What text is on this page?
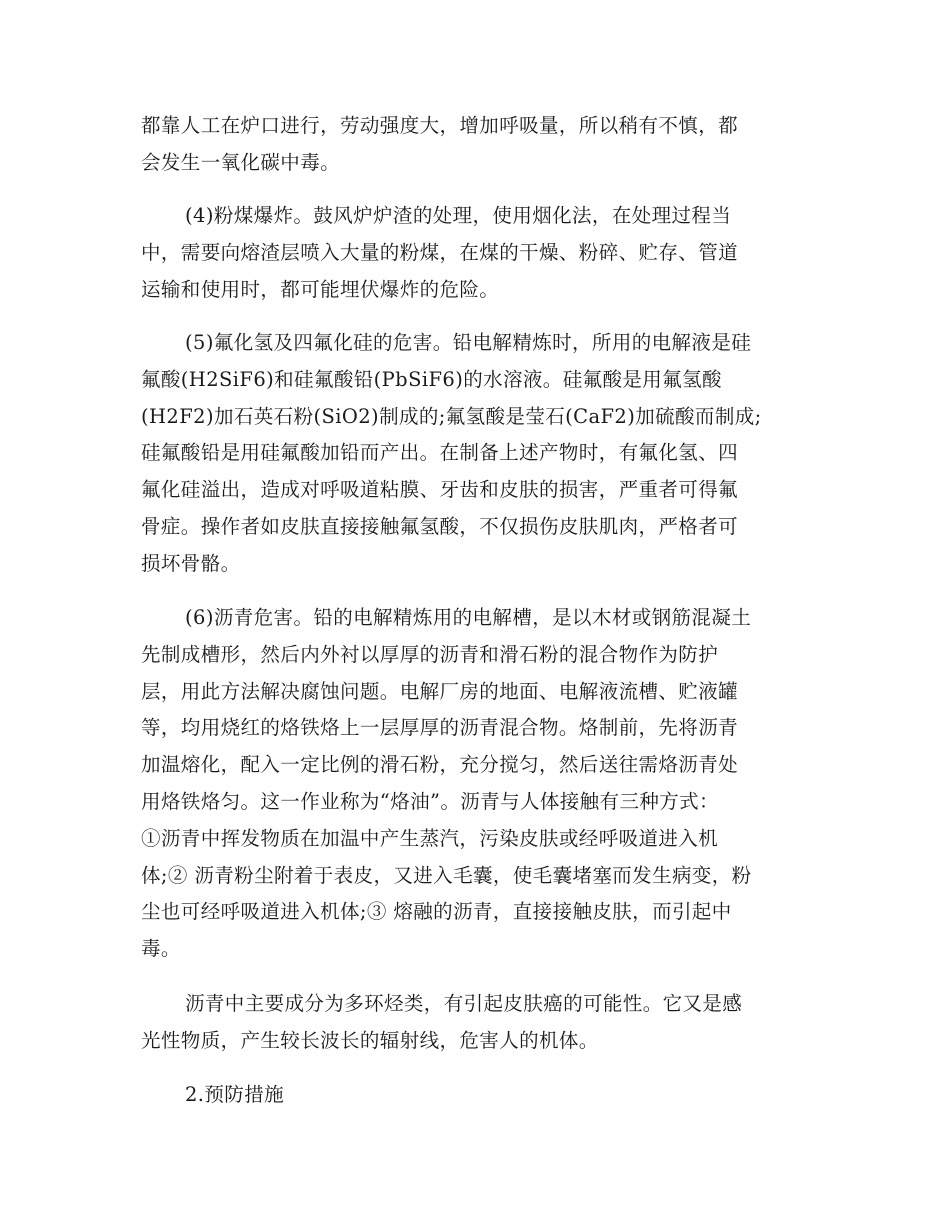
都靠人工在炉口进行，劳动强度大，增加呼吸量，所以稍有不慎，都
会发生一氧化碳中毒。
(4)粉煤爆炸。鼓风炉炉渣的处理，使用烟化法，在处理过程当
中，需要向熔渣层喷入大量的粉煤，在煤的干燥、粉碎、贮存、管道
运输和使用时，都可能埋伏爆炸的危险。
(5)氟化氢及四氟化硅的危害。铅电解精炼时，所用的电解液是硅
氟酸(H2SiF6)和硅氟酸铅(PbSiF6)的水溶液。硅氟酸是用氟氢酸
(H2F2)加石英石粉(SiO2)制成的;氟氢酸是莹石(CaF2)加硫酸而制成;
硅氟酸铅是用硅氟酸加铅而产出。在制备上述产物时，有氟化氢、四
氟化硅溢出，造成对呼吸道粘膜、牙齿和皮肤的损害，严重者可得氟
骨症。操作者如皮肤直接接触氟氢酸，不仅损伤皮肤肌肉，严格者可
损坏骨骼。
(6)沥青危害。铅的电解精炼用的电解槽，是以木材或钢筋混凝土
先制成槽形，然后内外衬以厚厚的沥青和滑石粉的混合物作为防护
层，用此方法解决腐蚀问题。电解厂房的地面、电解液流槽、贮液罐
等，均用烧红的烙铁烙上一层厚厚的沥青混合物。烙制前，先将沥青
加温熔化，配入一定比例的滑石粉，充分搅匀，然后送往需烙沥青处
用烙铁烙匀。这一作业称为“烙油”。沥青与人体接触有三种方式：
①沥青中挥发物质在加温中产生蒸汽，污染皮肤或经呼吸道进入机
体;② 沥青粉尘附着于表皮，又进入毛囊，使毛囊堵塞而发生病变，粉
尘也可经呼吸道进入机体;③ 熔融的沥青，直接接触皮肤，而引起中
毒。
沥青中主要成分为多环烃类，有引起皮肤癌的可能性。它又是感
光性物质，产生较长波长的辐射线，危害人的机体。
2.预防措施
